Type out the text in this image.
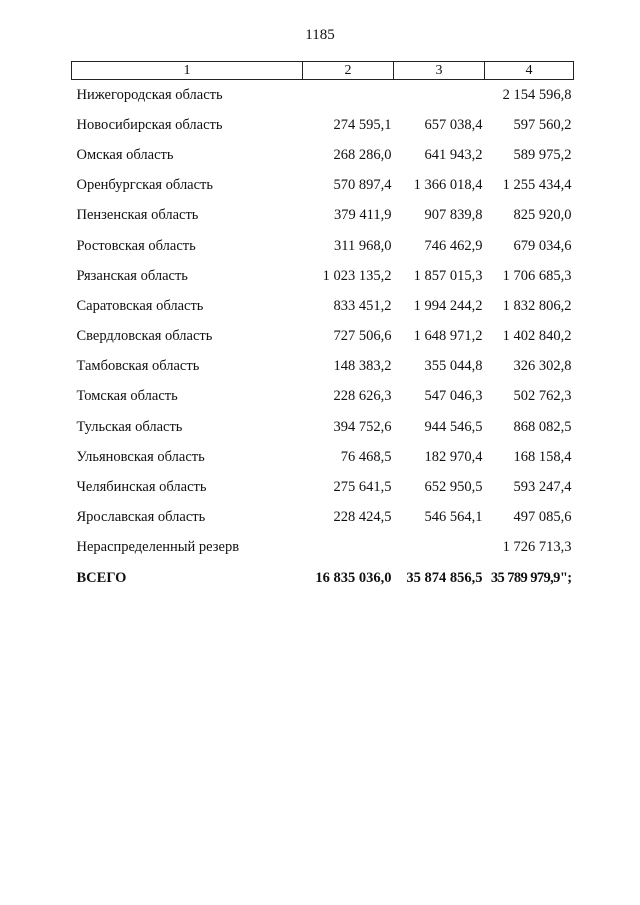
1185
1	2	3	4
Нижегородская область			2 154 596,8
Новосибирская область	274 595,1	657 038,4	597 560,2
Омская область	268 286,0	641 943,2	589 975,2
Оренбургская область	570 897,4	1 366 018,4	1 255 434,4
Пензенская область	379 411,9	907 839,8	825 920,0
Ростовская область	311 968,0	746 462,9	679 034,6
Рязанская область	1 023 135,2	1 857 015,3	1 706 685,3
Саратовская область	833 451,2	1 994 244,2	1 832 806,2
Свердловская область	727 506,6	1 648 971,2	1 402 840,2
Тамбовская область	148 383,2	355 044,8	326 302,8
Томская область	228 626,3	547 046,3	502 762,3
Тульская область	394 752,6	944 546,5	868 082,5
Ульяновская область	76 468,5	182 970,4	168 158,4
Челябинская область	275 641,5	652 950,5	593 247,4
Ярославская область	228 424,5	546 564,1	497 085,6
Нераспределенный резерв			1 726 713,3
ВСЕГО	16 835 036,0	35 874 856,5	35 789 979,9";
